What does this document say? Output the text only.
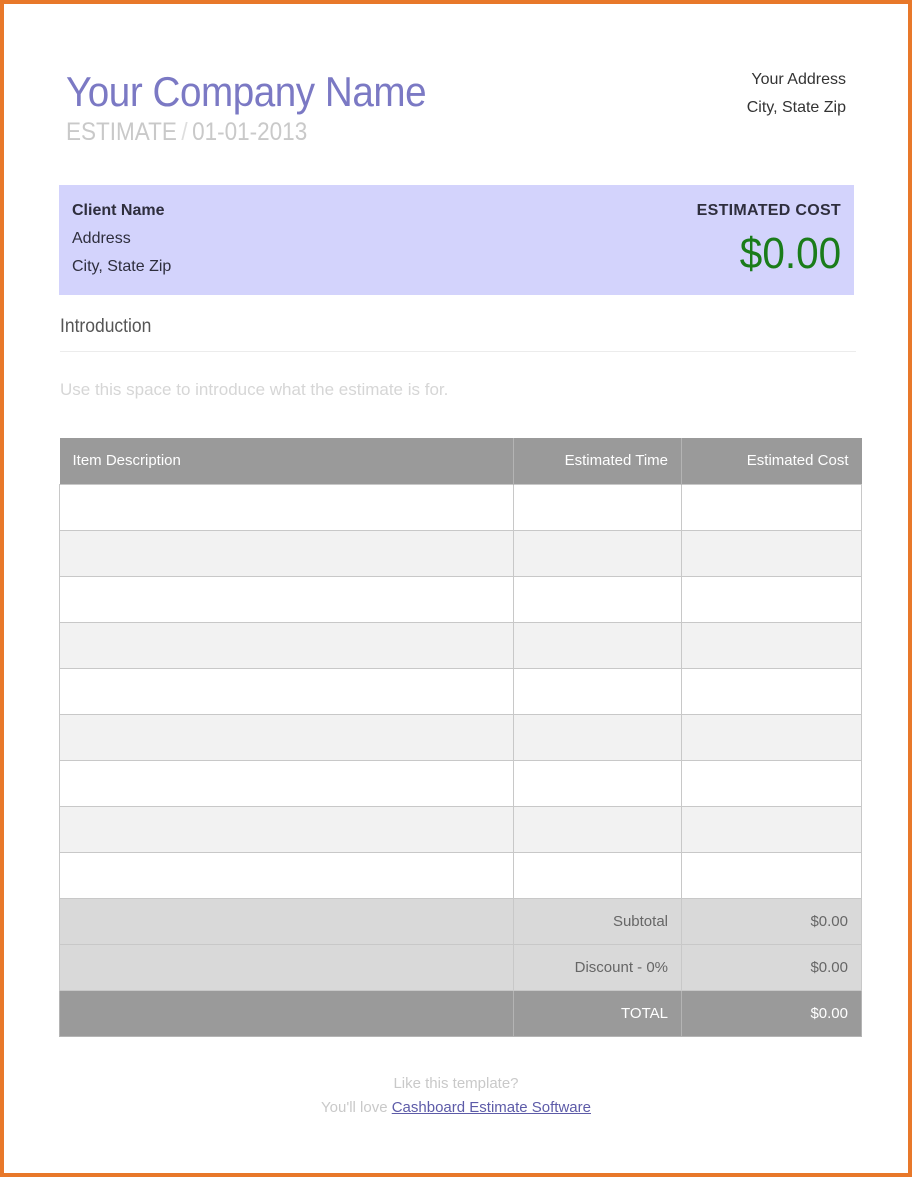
Your Company Name
ESTIMATE / 01-01-2013
Your Address
City, State Zip
Client Name
Address
City, State Zip
ESTIMATED COST
$0.00
Introduction
Use this space to introduce what the estimate is for.
Item Description	Estimated Time	Estimated Cost

	Subtotal	$0.00
	Discount - 0%	$0.00
	TOTAL	$0.00
Like this template?
You'll love Cashboard Estimate Software
